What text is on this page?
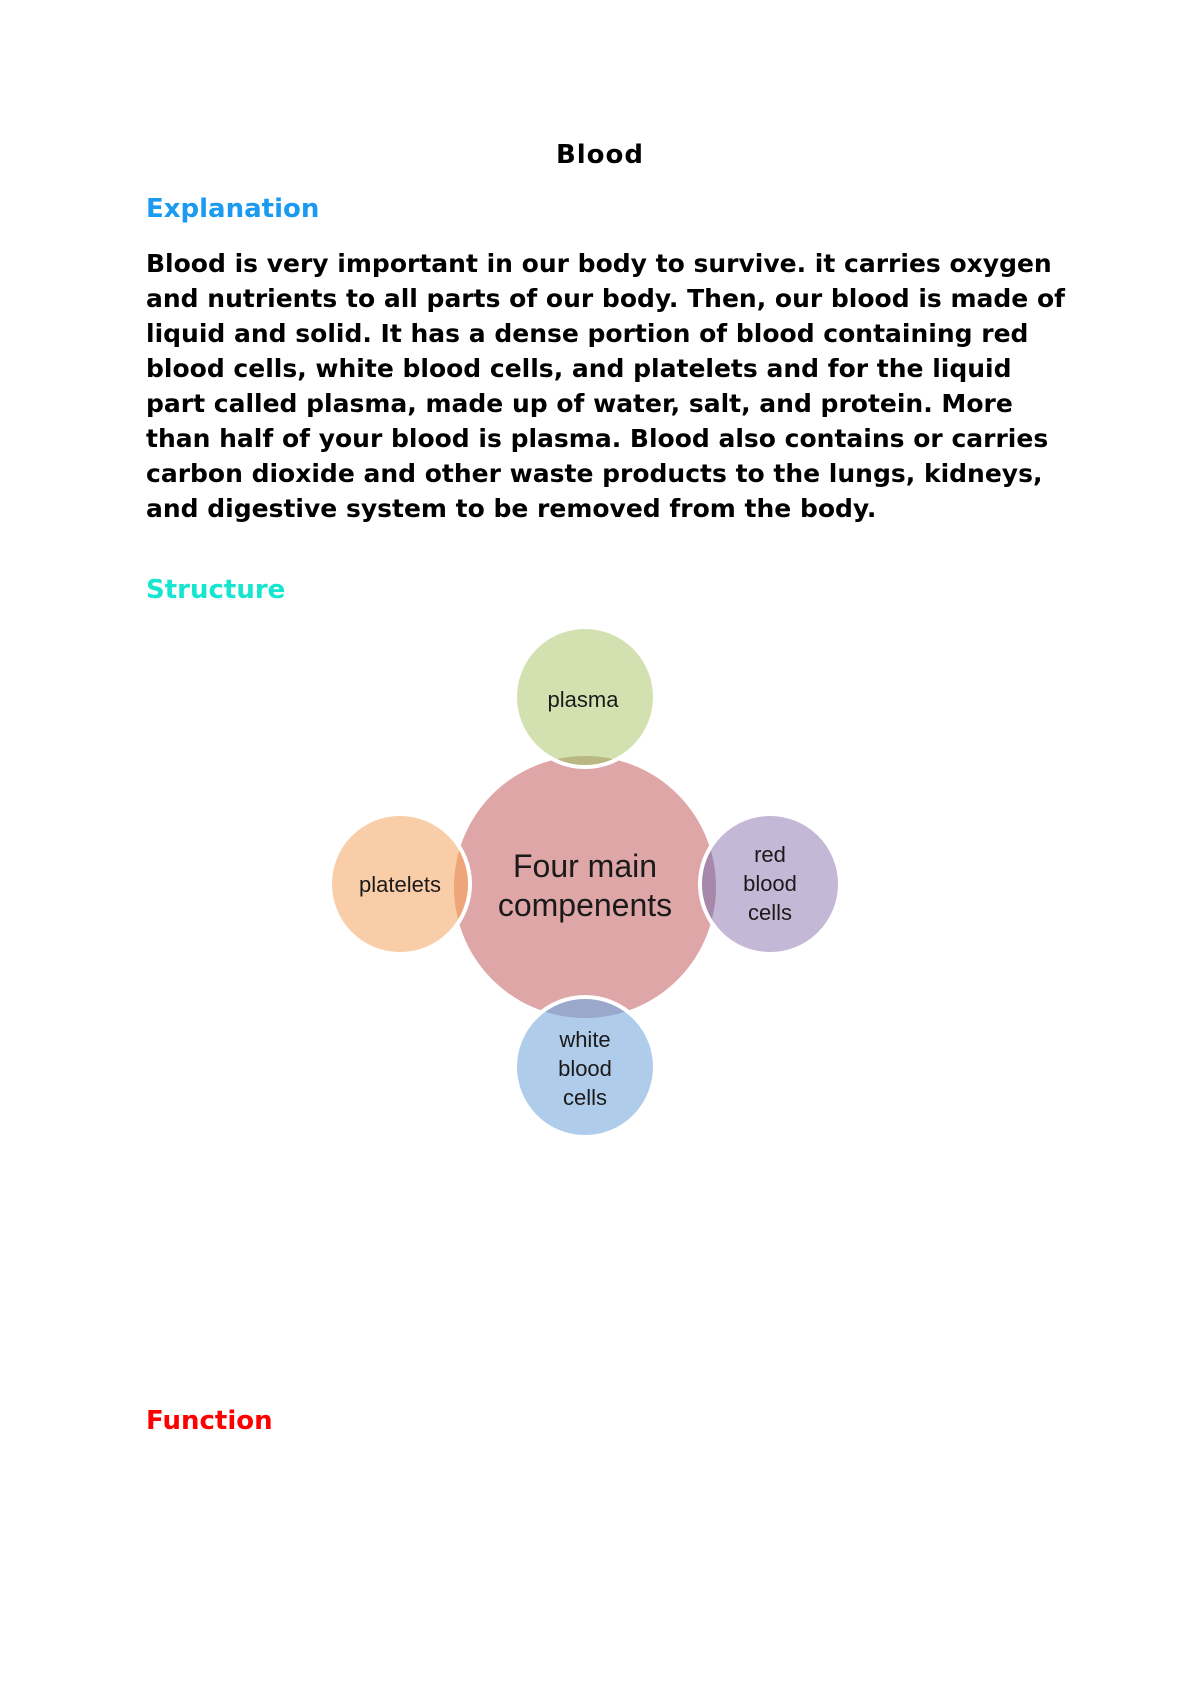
Blood
Explanation

Blood is very important in our body to survive. it carries oxygen and nutrients to all parts of our body. Then, our blood is made of liquid and solid. It has a dense portion of blood containing red blood cells, white blood cells, and platelets and for the liquid part called plasma, made up of water, salt, and protein. More than half of your blood is plasma. Blood also contains or carries carbon dioxide and other waste products to the lungs, kidneys, and digestive system to be removed from the body.

Structure
Four main
compenents
plasma
red
blood
cells
white
blood
cells
platelets
Function
